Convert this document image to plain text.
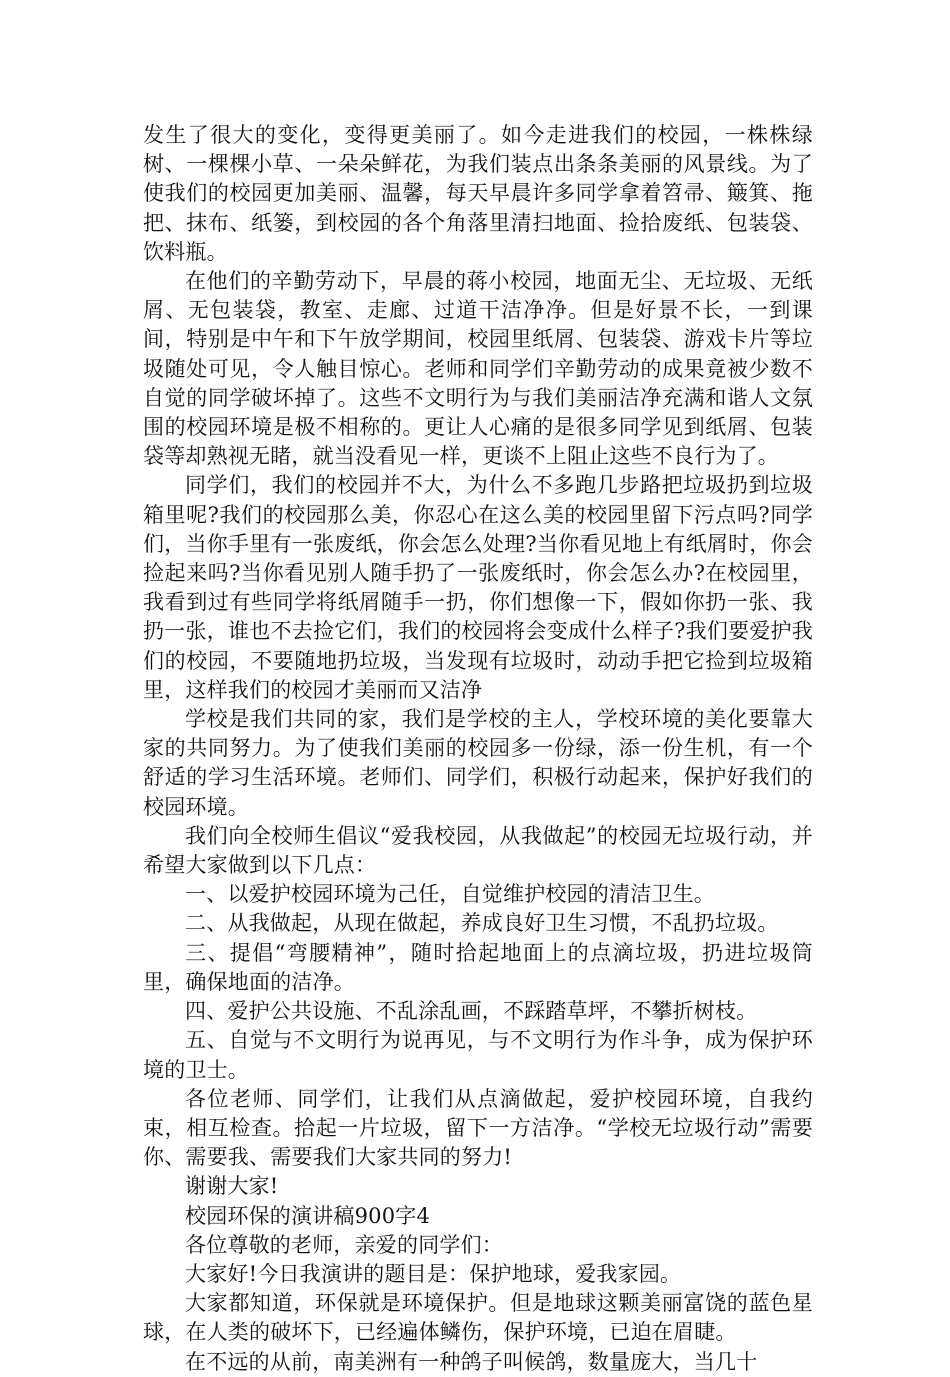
发生了很大的变化，变得更美丽了。如今走进我们的校园，一株株绿树、一棵棵小草、一朵朵鲜花，为我们装点出条条美丽的风景线。为了使我们的校园更加美丽、温馨，每天早晨许多同学拿着笤帚、簸箕、拖把、抹布、纸篓，到校园的各个角落里清扫地面、捡拾废纸、包装袋、饮料瓶。

在他们的辛勤劳动下，早晨的蒋小校园，地面无尘、无垃圾、无纸屑、无包装袋，教室、走廊、过道干洁净净。但是好景不长，一到课间，特别是中午和下午放学期间，校园里纸屑、包装袋、游戏卡片等垃圾随处可见，令人触目惊心。老师和同学们辛勤劳动的成果竟被少数不自觉的同学破坏掉了。这些不文明行为与我们美丽洁净充满和谐人文氛围的校园环境是极不相称的。更让人心痛的是很多同学见到纸屑、包装袋等却熟视无睹，就当没看见一样，更谈不上阻止这些不良行为了。

同学们，我们的校园并不大，为什么不多跑几步路把垃圾扔到垃圾箱里呢?我们的校园那么美，你忍心在这么美的校园里留下污点吗?同学们，当你手里有一张废纸，你会怎么处理?当你看见地上有纸屑时，你会捡起来吗?当你看见别人随手扔了一张废纸时，你会怎么办?在校园里，我看到过有些同学将纸屑随手一扔，你们想像一下，假如你扔一张、我扔一张，谁也不去捡它们，我们的校园将会变成什么样子?我们要爱护我们的校园，不要随地扔垃圾，当发现有垃圾时，动动手把它捡到垃圾箱里，这样我们的校园才美丽而又洁净

学校是我们共同的家，我们是学校的主人，学校环境的美化要靠大家的共同努力。为了使我们美丽的校园多一份绿，添一份生机，有一个舒适的学习生活环境。老师们、同学们，积极行动起来，保护好我们的校园环境。

我们向全校师生倡议“爱我校园，从我做起”的校园无垃圾行动，并希望大家做到以下几点：

一、以爱护校园环境为己任，自觉维护校园的清洁卫生。

二、从我做起，从现在做起，养成良好卫生习惯，不乱扔垃圾。

三、提倡“弯腰精神”，随时拾起地面上的点滴垃圾，扔进垃圾筒里，确保地面的洁净。

四、爱护公共设施、不乱涂乱画，不踩踏草坪，不攀折树枝。

五、自觉与不文明行为说再见，与不文明行为作斗争，成为保护环境的卫士。

各位老师、同学们，让我们从点滴做起，爱护校园环境，自我约束，相互检查。拾起一片垃圾，留下一方洁净。“学校无垃圾行动”需要你、需要我、需要我们大家共同的努力!

谢谢大家!

校园环保的演讲稿900字4

各位尊敬的老师，亲爱的同学们：

大家好!今日我演讲的题目是：保护地球，爱我家园。

大家都知道，环保就是环境保护。但是地球这颗美丽富饶的蓝色星球，在人类的破坏下，已经遍体鳞伤，保护环境，已迫在眉睫。

在不远的从前，南美洲有一种鸽子叫候鸽，数量庞大，当几十
